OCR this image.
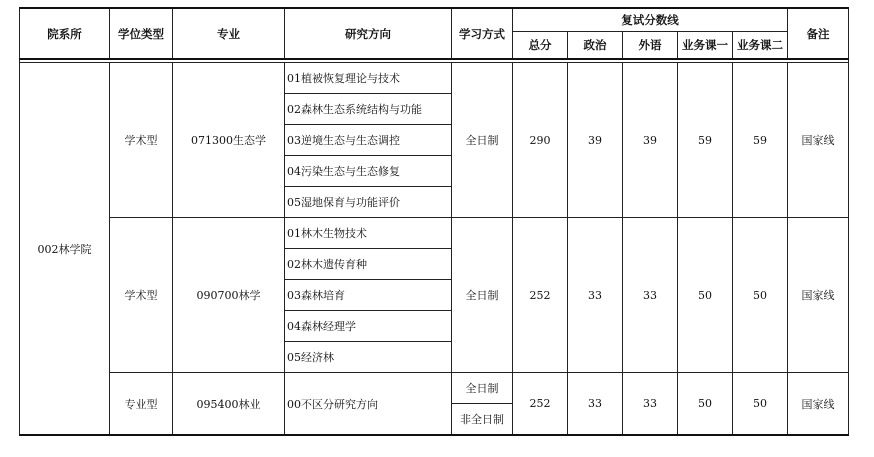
院系所	学位类型	专业	研究方向	学习方式	复试分数线					备注
					总分	政治	外语	业务课一	业务课二	

002林学院	学术型	071300生态学	01植被恢复理论与技术	全日制	290	39	39	59	59	国家线
			02森林生态系统结构与功能							
			03逆境生态与生态调控							
			04污染生态与生态修复							
			05湿地保育与功能评价							
	学术型	090700林学	01林木生物技术	全日制	252	33	33	50	50	国家线
			02林木遗传育种							
			03森林培育							
			04森林经理学							
			05经济林							
	专业型	095400林业	00不区分研究方向	全日制	252	33	33	50	50	国家线
				非全日制						
